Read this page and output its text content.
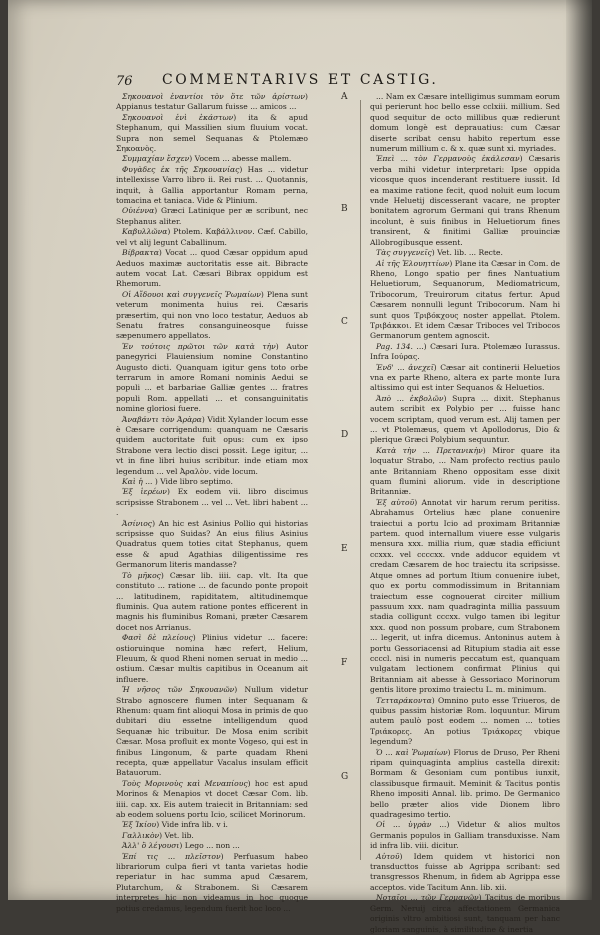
76 COMMENTARIVS ET CASTIG.

Σηκουανοὶ ἐναντίοι τὸν ὅτε τῶν ἀρίστων) Appianus testatur Gallarum fuisse ... amicos ...

Σηκουανοὶ ἑνὶ ἑκάστων) ita & apud Stephanum, qui Massilien sium fluuium vocat. Supra non semel Sequanas & Ptolemæo Σηκοανὸς.

Συμμαχίαν ἔσχεν) Vocem ... abesse mallem.

Φυγὰδες ἐκ τῆς Σηκουανίας) Has ... videtur intellexisse Varro libro ii. Rei rust. ... Quotannis, inquit, à Gallia apportantur Romam perna, tomacina et taniaca. Vide & Plinium.

Οὐιέννα) Græci Latinique per æ scribunt, nec Stephanus aliter.

Καβυλλῶνα) Ptolem. Καβάλλινον. Cæf. Cabillo, vel vt alij legunt Caballinum.

Βίβρακτα) Vocat ... quod Cæsar oppidum apud Aeduos maximæ auctoritatis esse ait. Bibracte autem vocat Lat. Cæsari Bibrax oppidum est Rhemorum.

Οἱ Αἴδουοι καὶ συγγενεῖς Ῥωμαίων) Plena sunt veterum monimenta huius rei. Cæsaris præsertim, qui non vno loco testatur, Aeduos ab Senatu fratres consanguineosque fuisse sæpenumero appellatos.

Ἐν τούτοις πρῶτοι τῶν κατὰ τὴν) Autor panegyrici Flauiensium nomine Constantino Augusto dicti. Quanquam igitur gens toto orbe terrarum in amore Romani nominis Aedui se populi ... et barbariae Galliæ gentes ... fratres populi Rom. appellati ... et consanguinitatis nomine gloriosi fuere.

Ἀναβάντι τὸν Ἀρὰρα) Vidit Xylander locum esse è Cæsare corrigendum: quanquam ne Cæsaris quidem auctoritate fuit opus: cum ex ipso Strabone vera lectio disci possit. Lege igitur, ... vt in fine libri huius scribitur. inde etiam mox legendum ... vel Ἀραλὸν. vide locum.

Καὶ ἡ ... ) Vide libro septimo.

Ἐξ ἱερέων) Ex eodem vii. libro discimus scripsisse Strabonem ... vel ... Vet. libri habent ... .

Ἀσίνιος) An hic est Asinius Pollio qui historias scripsisse quo Suidas? An eius filius Asinius Quadratus quem toties citat Stephanus, quem esse & apud Agathias diligentissime res Germanorum literis mandasse?

Τὸ μῆκος) Cæsar lib. iiii. cap. vlt. Ita que constituto ... ratione ... de facundo ponte propoit ... latitudinem, rapiditatem, altitudinemque fluminis. Qua autem ratione pontes efficerent in magnis his fluminibus Romani, præter Cæsarem docet nos Arrianus.

Φασὶ δὲ πλείους) Plinius videtur ... facere: ostioruinque nomina hæc refert, Helium, Fleuum, & quod Rheni nomen seruat in medio ... ostium. Cæsar multis capitibus in Oceanum ait influere.

Ἡ νῆσος τῶν Σηκουανῶν) Nullum videtur Strabo agnoscere flumen inter Sequanam & Rhenum: quam fint alioqui Mosa in primis de quo dubitari diu essetne intelligendum quod Sequanæ hic tribuitur. De Mosa enim scribit Cæsar. Mosa profluit ex monte Vogeso, qui est in finibus Lingonum, & parte quadam Rheni recepta, quæ appellatur Vacalus insulam efficit Batauorum.

Τοὺς Μορινοὺς καὶ Μεναπίους) hoc est apud Morinos & Menapios vt docet Cæsar Com. lib. iiii. cap. xx. Eis autem traiecit in Britanniam: sed ab eodem soluens portu Icio, scilicet Morinorum.

Ἐξ Ἰκίου) Vide infra lib. v i.

Γαλλικὸν) Vet. lib.

Ἀλλ' ὃ λέγουσι) Lego ... non ...

Ἐπί τις ... πλεῖστον) Perfuasum habeo librariorum culpa fieri vt tanta varietas hodie reperiatur in hac summa apud Cæsarem, Plutarchum, & Strabonem. Si Cæsarem interpretes hic non videamus in hoc quoque potius credamus, legendum fuerit hoc loco ...

A
B
C
D
E
F
G

... Nam ex Cæsare intelligimus summam eorum qui perierunt hoc bello esse cclxiii. millium. Sed quod sequitur de octo millibus quæ redierunt domum longè est deprauatius: cum Cæsar diserte scribat censu habito repertum esse numerum millium c. & x. quæ sunt xi. myriades.

Ἐπεὶ ... τὸν Γερμανοὺς ἐκάλεσαν) Cæsaris verba mihi videtur interpretari: Ipse oppida vicosque quos incenderant restituere iussit. Id ea maxime ratione fecit, quod noluit eum locum vnde Heluetij discesserant vacare, ne propter bonitatem agrorum Germani qui trans Rhenum incolunt, è suis finibus in Heluetiorum fines transirent, & finitimi Galliæ prouinciæ Allobrogibusque essent.

Τὰς συγγενεῖς) Vet. lib. ... Recte.

Αἱ τῆς Ἑλουηττίων) Plane ita Cæsar in Com. de Rheno, Longo spatio per fines Nantuatium Heluetiorum, Sequanorum, Mediomatricum, Tribocorum, Treuirorum citatus fertur. Apud Cæsarem nonnulli legunt Tribocorum. Nam hi sunt quos Τριβόκχους noster appellat. Ptolem. Τριβάκκοι. Et idem Cæsar Triboces vel Tribocos Germanorum gentem agnoscit.

Pag. 134. ...) Cæsari Iura. Ptolemæo Iurassus. Infra Ιούρας.

Ἐνδ' ... ἀνεχεῖ) Cæsar ait continerii Heluetios vna ex parte Rheno, altera ex parte monte Iura altissimo qui est inter Sequanos & Heluetios.

Ἀπὸ ... ἐκβολῶν) Supra ... dixit. Stephanus autem scribit ex Polybio per ... fuisse hanc vocem scriptam, quod verum est. Alij tamen per ... vt Ptolemæus, quem vt Apollodorus, Dio & plerique Græci Polybium sequuntur.

Κατὰ τὴν ... Πρετανικὴν) Miror quare ita loquatur Strabo, ... Nam profecto rectius paulo ante Britanniam Rheno oppositam esse dixit quam flumini aliorum. vide in descriptione Britanniæ.

Ἐξ αὐτοῦ) Annotat vir harum rerum peritiss. Abrahamus Ortelius hæc plane conuenire traiectui a portu Icio ad proximam Britanniæ partem. quod internallum viuere esse vulgaris mensura xxx. millia rium, quæ stadia efficiunt ccxxx. vel ccccxx. vnde adducor equidem vt credam Cæsarem de hoc traiectu ita scripsisse. Atque omnes ad portum Itium conuenire iubet, quo ex portu commodissimum in Britanniam traiectum esse cognouerat circiter millium passuum xxx. nam quadraginta millia passuum stadia colligunt cccxx. vulgo tamen ibi legitur xxx. quod non possum probare, cum Strabonem ... legerit, ut infra dicemus. Antoninus autem à portu Gessoriacensi ad Ritupium stadia ait esse ccccl. nisi in numeris peccatum est, quanquam vulgatam lectionem confirmat Plinius qui Britanniam ait abesse à Gessoriaco Morinorum gentis litore proximo traiectu L. m. minimum.

Τετταράκοντα) Omnino puto esse Triueros, de quibus passim historiæ Rom. loquuntur. Mirum autem paulò post eodem ... nomen ... toties Τριάκορες. An potius Τριάκορες vbique legendum?

Ὁ ... καὶ Ῥωμαίων) Florus de Druso, Per Rheni ripam quinquaginta amplius castella direxit: Bormam & Gesoniam cum pontibus iunxit, classibusque firmauit. Meminit & Tacitus pontis Rheno impositi Annal. lib. primo. De Germanico bello præter alios vide Dionem libro quadragesimo tertio.

Οἱ ... ὑγρὰν ...) Videtur & alios multos Germanis populos in Galliam transduxisse. Nam id infra lib. viii. dicitur.

Αὐτοῦ) Idem quidem vt historici non transducttos fuisse ab Agrippa scribant: sed transgressos Rhenum, in fidem ab Agrippa esse acceptos. vide Tacitum Ann. lib. xii.

Νοταῖοι ... τῶν Γερμανῶν) Tacitus de moribus Germ. Neruij circa affectationem Germanica originis vltro ambitiosi sunt, tanquam per hanc gloriam sanguinis, à similitudine & inertia
